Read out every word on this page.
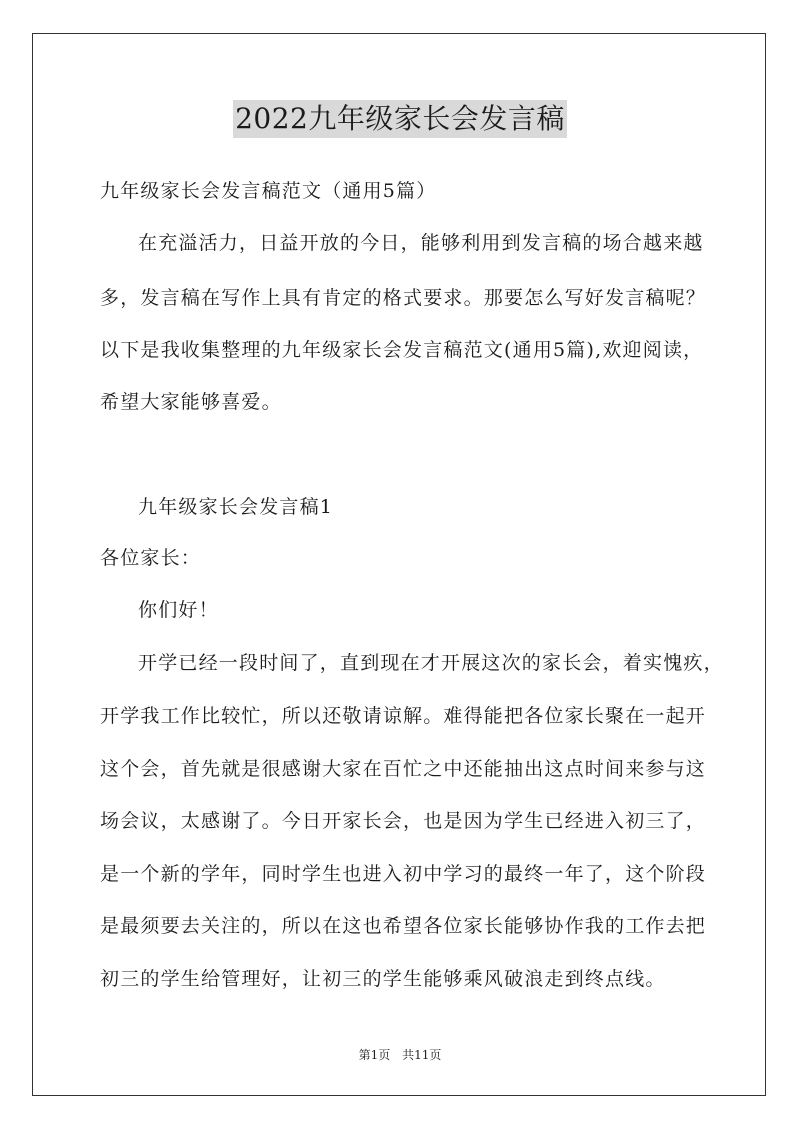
2022九年级家长会发言稿
九年级家长会发言稿范文（通用5篇）
在充溢活力，日益开放的今日，能够利用到发言稿的场合越来越
多，发言稿在写作上具有肯定的格式要求。那要怎么写好发言稿呢？
以下是我收集整理的九年级家长会发言稿范文(通用5篇),欢迎阅读，
希望大家能够喜爱。
九年级家长会发言稿1
各位家长：
你们好！
开学已经一段时间了，直到现在才开展这次的家长会，着实愧疚，
开学我工作比较忙，所以还敬请谅解。难得能把各位家长聚在一起开
这个会，首先就是很感谢大家在百忙之中还能抽出这点时间来参与这
场会议，太感谢了。今日开家长会，也是因为学生已经进入初三了，
是一个新的学年，同时学生也进入初中学习的最终一年了，这个阶段
是最须要去关注的，所以在这也希望各位家长能够协作我的工作去把
初三的学生给管理好，让初三的学生能够乘风破浪走到终点线。
第1页 共11页
